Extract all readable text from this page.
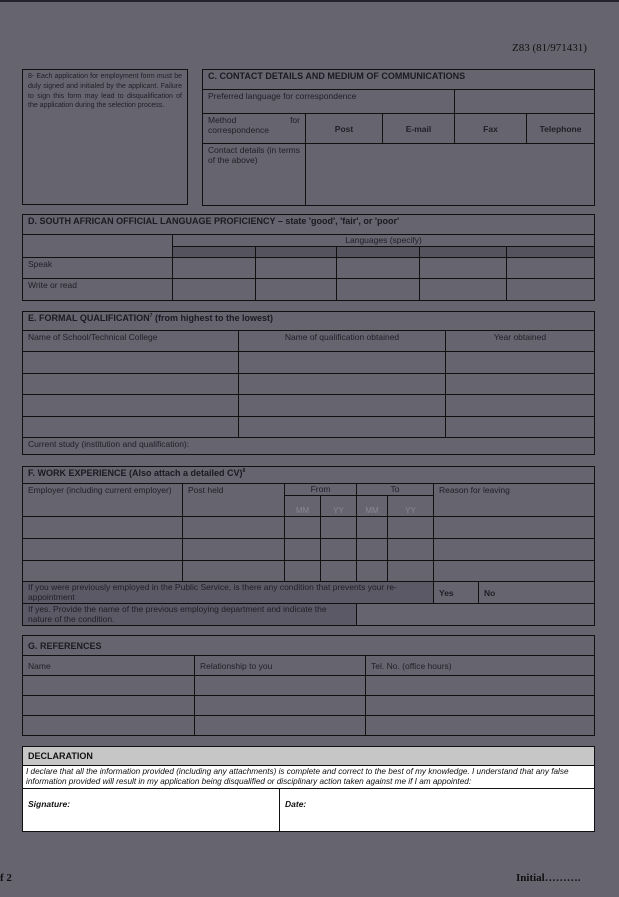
Z83 (81/971431)
8- Each application for employment form must be duly signed and initialed by the applicant. Failure to sign this form may lead to disqualification of the application during the selection process.
C. CONTACT DETAILS AND MEDIUM OF COMMUNICATIONS				
Preferred language for correspondence				
Method for correspondence	Post	E-mail	Fax	Telephone
Contact details (in terms of the above)				
D. SOUTH AFRICAN OFFICIAL LANGUAGE PROFICIENCY – state 'good', 'fair', or 'poor'					
	Languages (specify)				

Speak					
Write or read					
E. FORMAL QUALIFICATION$^7$ (from highest to the lowest)		
Name of School/Technical College	Name of qualification obtained	Year obtained

Current study (institution and qualification):		
F. WORK EXPERIENCE (Also attach a detailed CV)$^8$
Employer (including current employer)	Post held	From		To		Reason for leaving	
		MM	YY	MM	YY		

If you were previously employed in the Public Service, is there any condition that prevents your re-appointment						Yes	No
If yes. Provide the name of the previous employing department and indicate the nature of the condition.							
G. REFERENCES		
Name	Relationship to you	Tel. No. (office hours)

DECLARATION
I declare that all the information provided (including any attachments) is complete and correct to the best of my knowledge. I understand that any false information provided will result in my application being disqualified or disciplinary action taken against me if I am appointed:
Signature:	Date:
f 2	Initial……….
